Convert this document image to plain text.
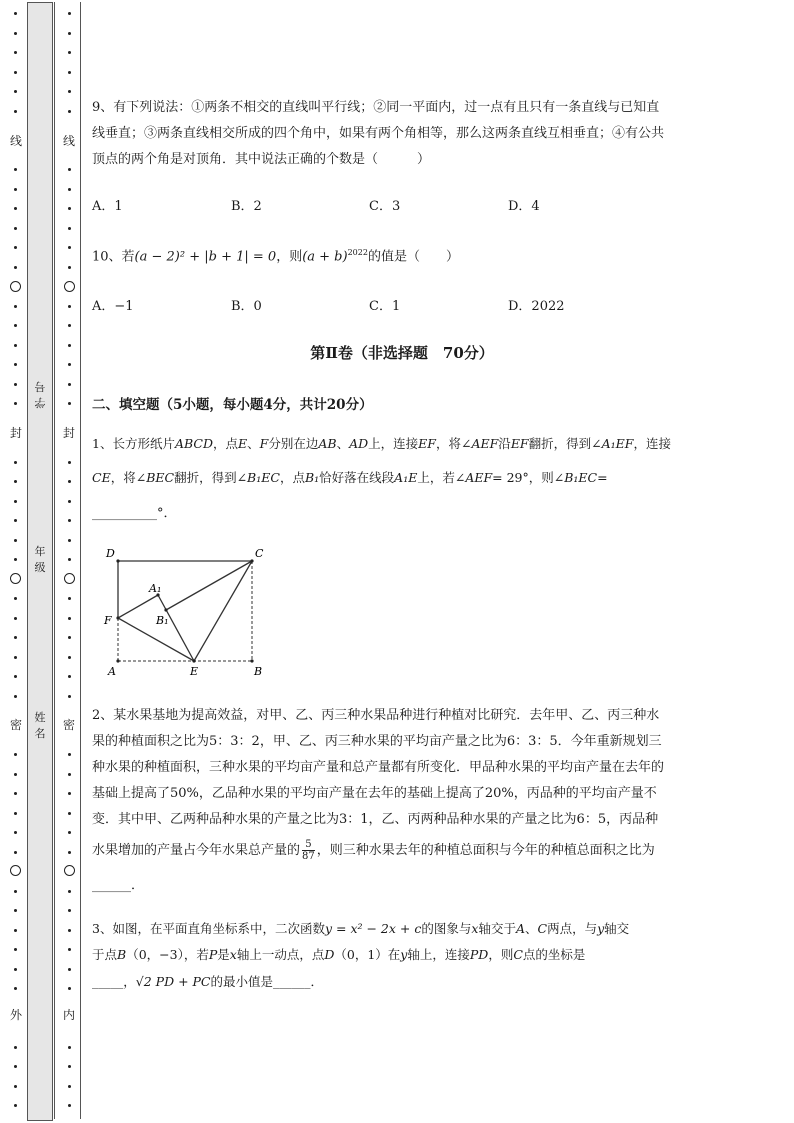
线
封
密
外
线
封
密
内
学号
年级
姓名
9、有下列说法：①两条不相交的直线叫平行线；②同一平面内，过一点有且只有一条直线与已知直
线垂直；③两条直线相交所成的四个角中，如果有两个角相等，那么这两条直线互相垂直；④有公共
顶点的两个角是对顶角．其中说法正确的个数是（　　　）
A．1	B．2	C．3	D．4
10、若(a − 2)² + |b + 1| = 0，则$(a + b)^{2022}$的值是（　　）
A．−1	B．0	C．1	D．2022
第Ⅱ卷（非选择题　70分）
二、填空题（5小题，每小题4分，共计20分）
1、长方形纸片ABCD，点E、F分别在边AB、AD上，连接EF，将∠AEF沿EF翻折，得到∠A₁EF，连接
CE，将∠BEC翻折，得到∠B₁EC，点B₁恰好落在线段A₁E上，若∠AEF= 29°，则∠B₁EC=
__________°．
D	C
A₁
B₁
F
A	E	B
2、某水果基地为提高效益，对甲、乙、丙三种水果品种进行种植对比研究．去年甲、乙、丙三种水
果的种植面积之比为5：3：2，甲、乙、丙三种水果的平均亩产量之比为6：3：5．今年重新规划三
种水果的种植面积，三种水果的平均亩产量和总产量都有所变化．甲品种水果的平均亩产量在去年的
基础上提高了50%，乙品种水果的平均亩产量在去年的基础上提高了20%，丙品种的平均亩产量不
变．其中甲、乙两种品种水果的产量之比为3：1，乙、丙两种品种水果的产量之比为6：5，丙品种
水果增加的产量占今年水果总产量的 $\frac{5}{87}$ ，则三种水果去年的种植总面积与今年的种植总面积之比为
______．
3、如图，在平面直角坐标系中，二次函数y = x² − 2x + c的图象与x轴交于A、C两点，与y轴交
于点B（0，−3），若P是x轴上一动点，点D（0，1）在y轴上，连接PD，则C点的坐标是
_____，√2 PD + PC的最小值是______．
